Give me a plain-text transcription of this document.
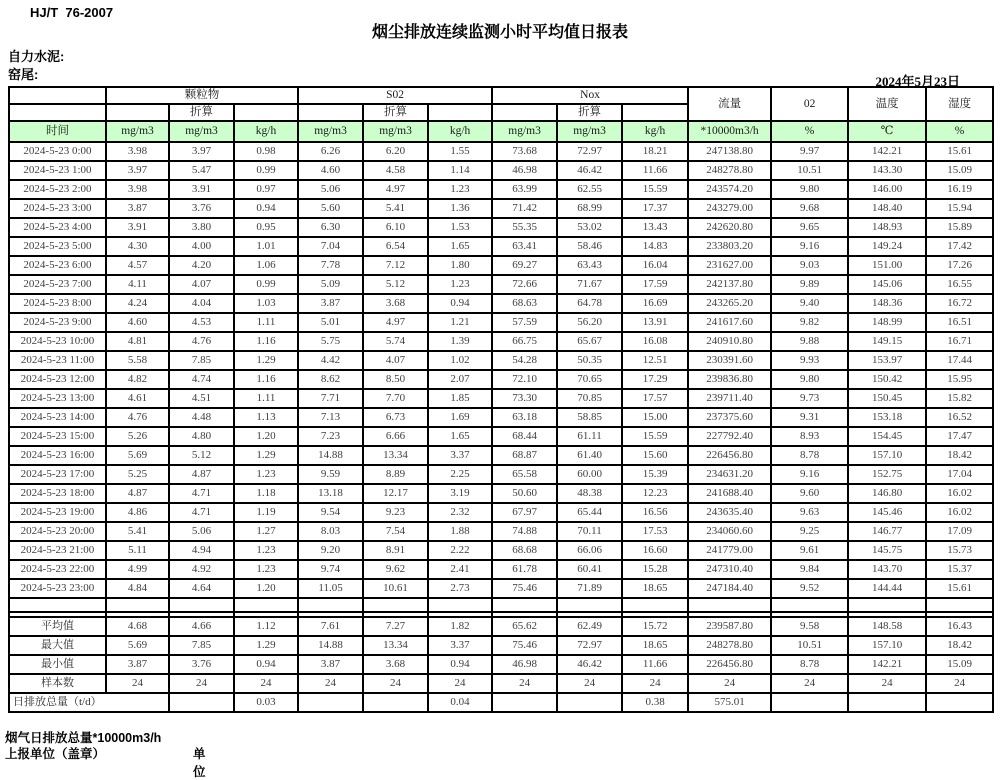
HJ/T  76-2007
烟尘排放连续监测小时平均值日报表
自力水泥:
窑尾:	2024年5月23日
	颗粒物			S02			Nox			流量	02	温度	湿度
		折算			折算			折算					
时间	mg/m3	mg/m3	kg/h	mg/m3	mg/m3	kg/h	mg/m3	mg/m3	kg/h	*10000m3/h	%	℃	%
2024-5-23 0:00	3.98	3.97	0.98	6.26	6.20	1.55	73.68	72.97	18.21	247138.80	9.97	142.21	15.61
2024-5-23 1:00	3.97	5.47	0.99	4.60	4.58	1.14	46.98	46.42	11.66	248278.80	10.51	143.30	15.09
2024-5-23 2:00	3.98	3.91	0.97	5.06	4.97	1.23	63.99	62.55	15.59	243574.20	9.80	146.00	16.19
2024-5-23 3:00	3.87	3.76	0.94	5.60	5.41	1.36	71.42	68.99	17.37	243279.00	9.68	148.40	15.94
2024-5-23 4:00	3.91	3.80	0.95	6.30	6.10	1.53	55.35	53.02	13.43	242620.80	9.65	148.93	15.89
2024-5-23 5:00	4.30	4.00	1.01	7.04	6.54	1.65	63.41	58.46	14.83	233803.20	9.16	149.24	17.42
2024-5-23 6:00	4.57	4.20	1.06	7.78	7.12	1.80	69.27	63.43	16.04	231627.00	9.03	151.00	17.26
2024-5-23 7:00	4.11	4.07	0.99	5.09	5.12	1.23	72.66	71.67	17.59	242137.80	9.89	145.06	16.55
2024-5-23 8:00	4.24	4.04	1.03	3.87	3.68	0.94	68.63	64.78	16.69	243265.20	9.40	148.36	16.72
2024-5-23 9:00	4.60	4.53	1.11	5.01	4.97	1.21	57.59	56.20	13.91	241617.60	9.82	148.99	16.51
2024-5-23 10:00	4.81	4.76	1.16	5.75	5.74	1.39	66.75	65.67	16.08	240910.80	9.88	149.15	16.71
2024-5-23 11:00	5.58	7.85	1.29	4.42	4.07	1.02	54.28	50.35	12.51	230391.60	9.93	153.97	17.44
2024-5-23 12:00	4.82	4.74	1.16	8.62	8.50	2.07	72.10	70.65	17.29	239836.80	9.80	150.42	15.95
2024-5-23 13:00	4.61	4.51	1.11	7.71	7.70	1.85	73.30	70.85	17.57	239711.40	9.73	150.45	15.82
2024-5-23 14:00	4.76	4.48	1.13	7.13	6.73	1.69	63.18	58.85	15.00	237375.60	9.31	153.18	16.52
2024-5-23 15:00	5.26	4.80	1.20	7.23	6.66	1.65	68.44	61.11	15.59	227792.40	8.93	154.45	17.47
2024-5-23 16:00	5.69	5.12	1.29	14.88	13.34	3.37	68.87	61.40	15.60	226456.80	8.78	157.10	18.42
2024-5-23 17:00	5.25	4.87	1.23	9.59	8.89	2.25	65.58	60.00	15.39	234631.20	9.16	152.75	17.04
2024-5-23 18:00	4.87	4.71	1.18	13.18	12.17	3.19	50.60	48.38	12.23	241688.40	9.60	146.80	16.02
2024-5-23 19:00	4.86	4.71	1.19	9.54	9.23	2.32	67.97	65.44	16.56	243635.40	9.63	145.46	16.02
2024-5-23 20:00	5.41	5.06	1.27	8.03	7.54	1.88	74.88	70.11	17.53	234060.60	9.25	146.77	17.09
2024-5-23 21:00	5.11	4.94	1.23	9.20	8.91	2.22	68.68	66.06	16.60	241779.00	9.61	145.75	15.73
2024-5-23 22:00	4.99	4.92	1.23	9.74	9.62	2.41	61.78	60.41	15.28	247310.40	9.84	143.70	15.37
2024-5-23 23:00	4.84	4.64	1.20	11.05	10.61	2.73	75.46	71.89	18.65	247184.40	9.52	144.44	15.61

平均值	4.68	4.66	1.12	7.61	7.27	1.82	65.62	62.49	15.72	239587.80	9.58	148.58	16.43
最大值	5.69	7.85	1.29	14.88	13.34	3.37	75.46	72.97	18.65	248278.80	10.51	157.10	18.42
最小值	3.87	3.76	0.94	3.87	3.68	0.94	46.98	46.42	11.66	226456.80	8.78	142.21	15.09
样本数	24	24	24	24	24	24	24	24	24	24	24	24	24
日排放总量（t/d）			0.03			0.04			0.38	575.01			
烟气日排放总量*10000m3/h
上报单位（盖章）	单位
